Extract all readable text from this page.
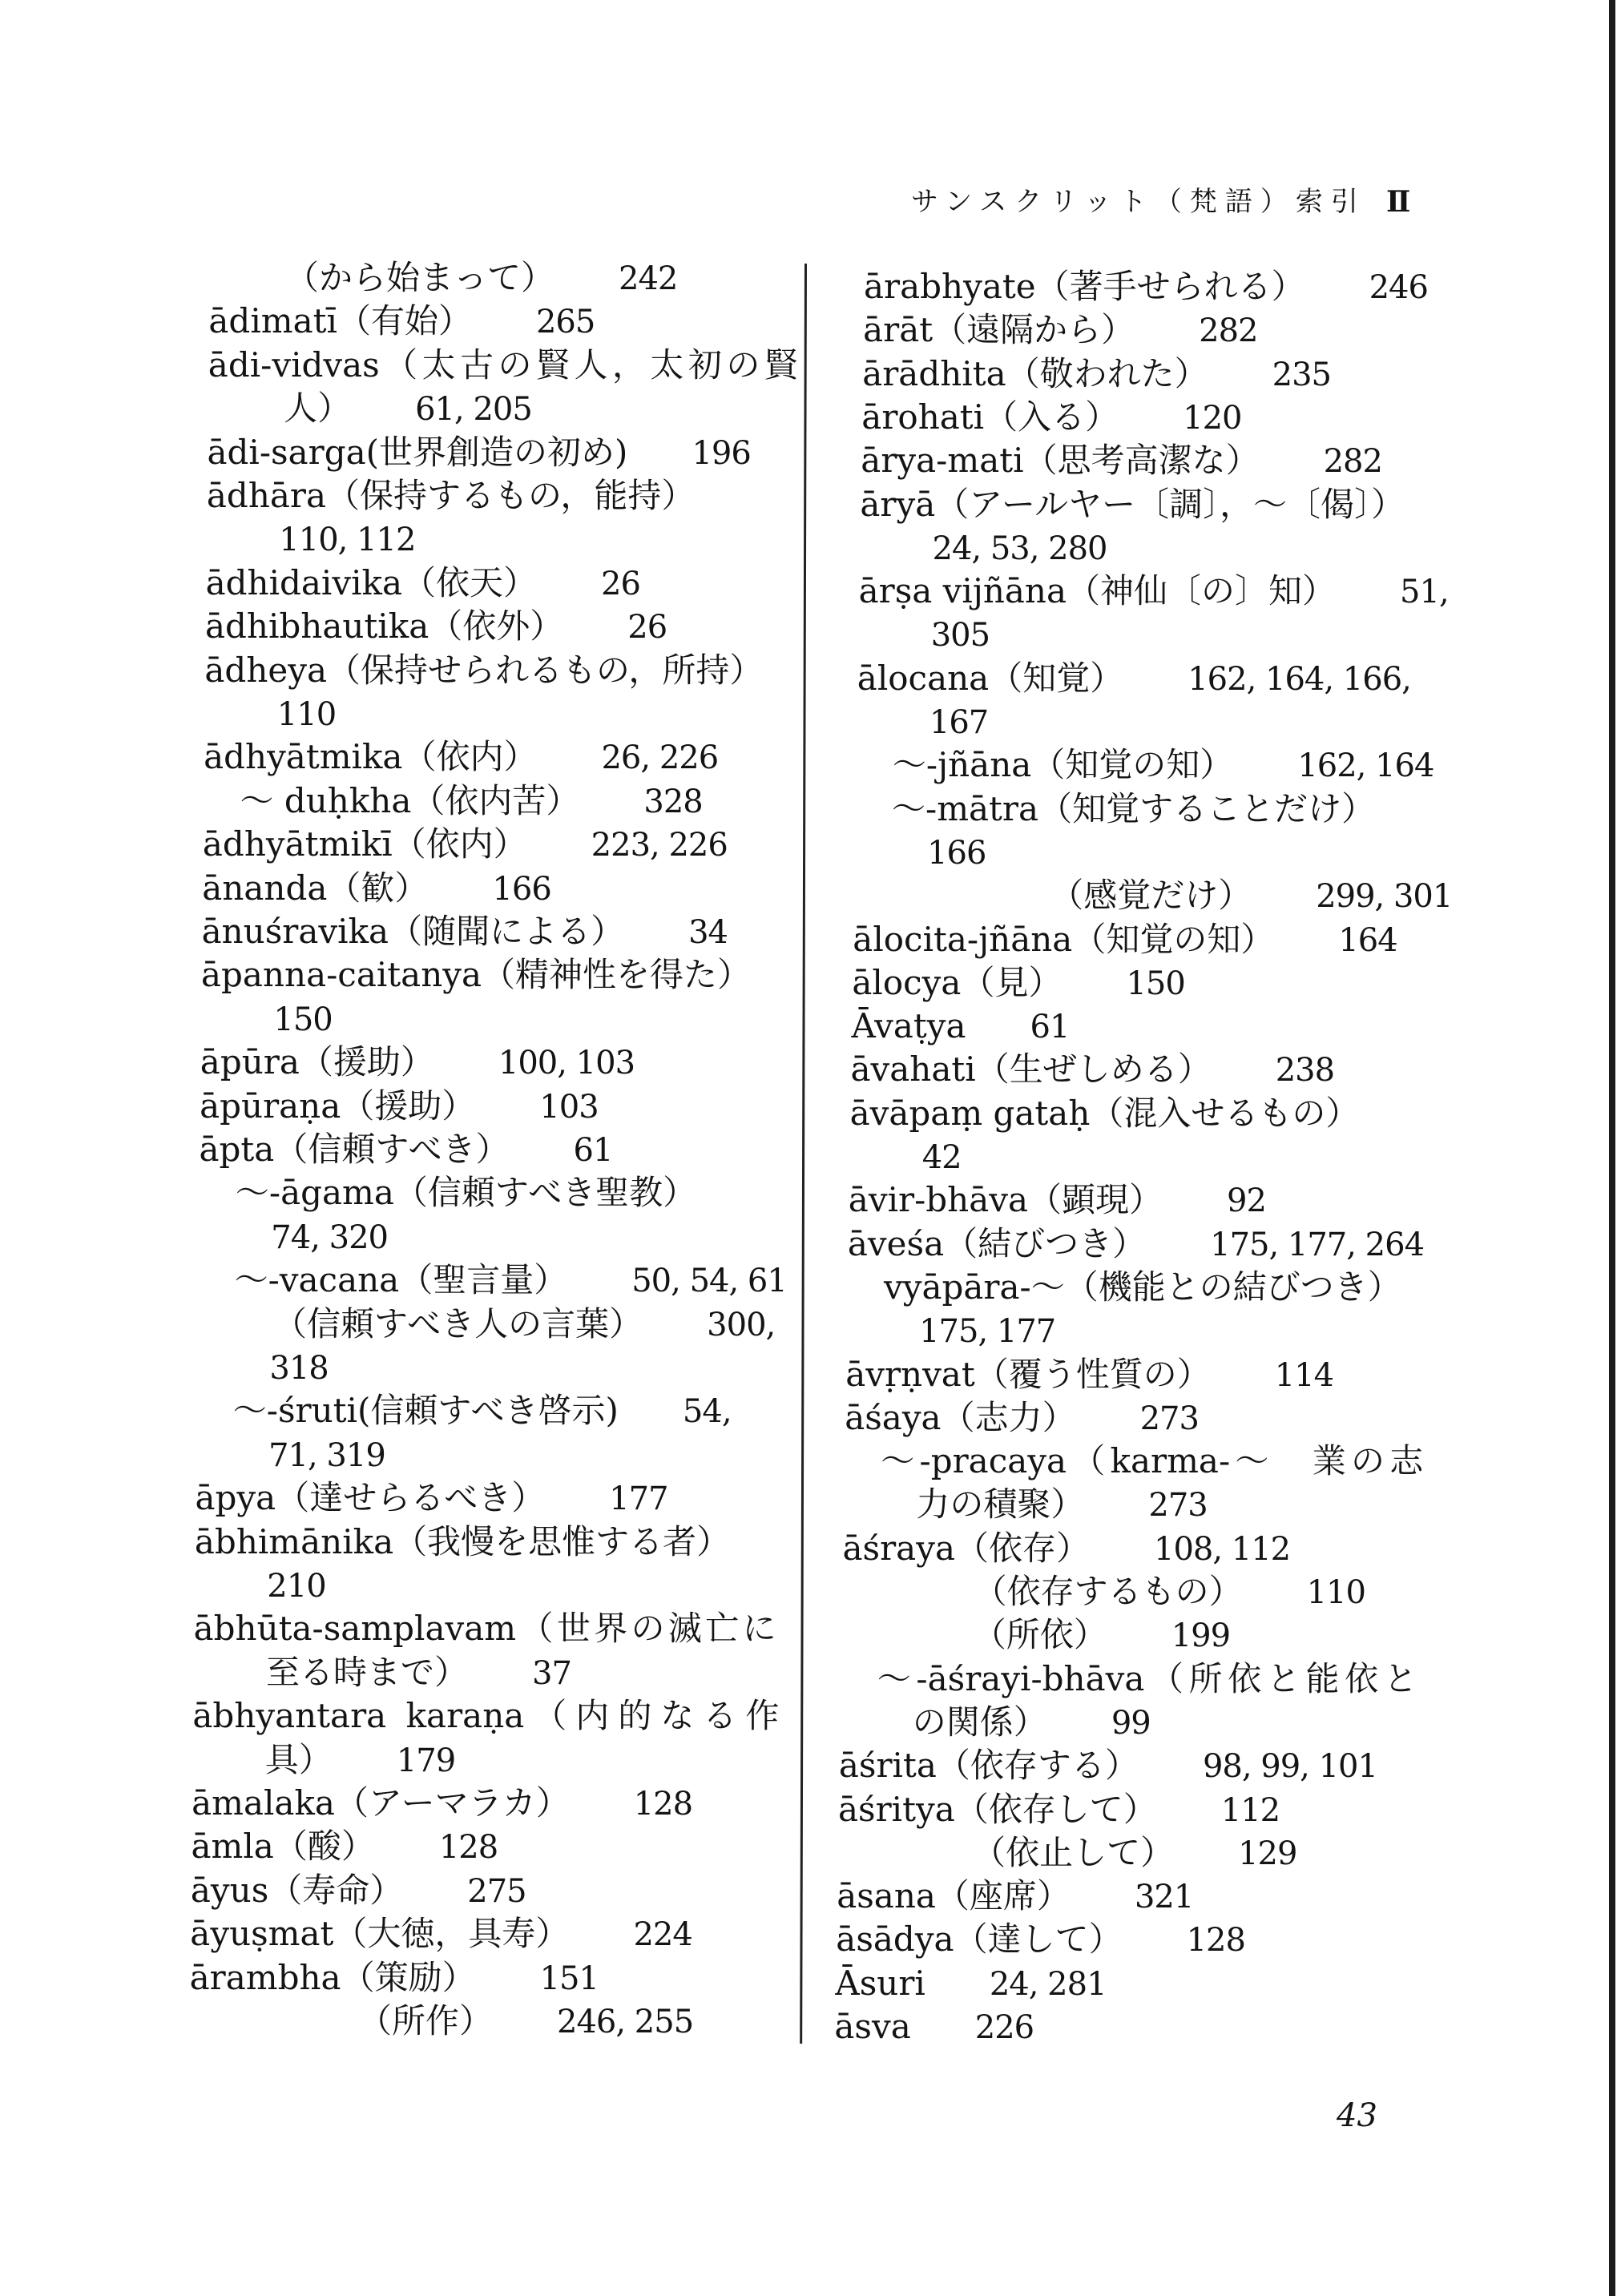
サンスクリット（梵語）索引 Ⅱ
（から始まって） 242
ādimatī（有始） 265
ādi-vidvas（太古の賢人，太初の賢
人） 61, 205
ādi-sarga(世界創造の初め) 196
ādhāra（保持するもの，能持）
110, 112
ādhidaivika（依天） 26
ādhibhautika（依外） 26
ādheya（保持せられるもの，所持）
110
ādhyātmika（依内） 26, 226
～ duḥkha（依内苦） 328
ādhyātmikī（依内） 223, 226
ānanda（歓） 166
ānuśravika（随聞による） 34
āpanna-caitanya（精神性を得た）
150
āpūra（援助） 100, 103
āpūraṇa（援助） 103
āpta（信頼すべき） 61
～-āgama（信頼すべき聖教）
74, 320
～-vacana（聖言量） 50, 54, 61
（信頼すべき人の言葉） 300,
318
～-śruti(信頼すべき啓示) 54,
71, 319
āpya（達せらるべき） 177
ābhimānika（我慢を思惟する者）
210
ābhūta-samplavam（世界の滅亡に
至る時まで） 37
ābhyantara karaṇa（内的なる作
具） 179
āmalaka（アーマラカ） 128
āmla（酸） 128
āyus（寿命） 275
āyuṣmat（大徳，具寿） 224
ārambha（策励） 151
（所作） 246, 255
ārabhyate（著手せられる） 246
ārāt（遠隔から） 282
ārādhita（敬われた） 235
ārohati（入る） 120
ārya-mati（思考高潔な） 282
āryā（アールヤー〔調〕，～〔偈〕）
24, 53, 280
ārṣa vijñāna（神仙〔の〕知） 51,
305
ālocana（知覚） 162, 164, 166,
167
～-jñāna（知覚の知） 162, 164
～-mātra（知覚することだけ）
166
（感覚だけ） 299, 301
ālocita-jñāna（知覚の知） 164
ālocya（見） 150
Āvaṭya 61
āvahati（生ぜしめる） 238
āvāpaṃ gataḥ（混入せるもの）
42
āvir-bhāva（顕現） 92
āveśa（結びつき） 175, 177, 264
vyāpāra-～（機能との結びつき）
175, 177
āvṛṇvat（覆う性質の） 114
āśaya（志力） 273
～-pracaya（karma-～　業の志
力の積聚） 273
āśraya（依存） 108, 112
（依存するもの） 110
（所依） 199
～-āśrayi-bhāva（所依と能依と
の関係） 99
āśrita（依存する） 98, 99, 101
āśritya（依存して） 112
（依止して） 129
āsana（座席） 321
āsādya（達して） 128
Āsuri 24, 281
āsva 226
43
